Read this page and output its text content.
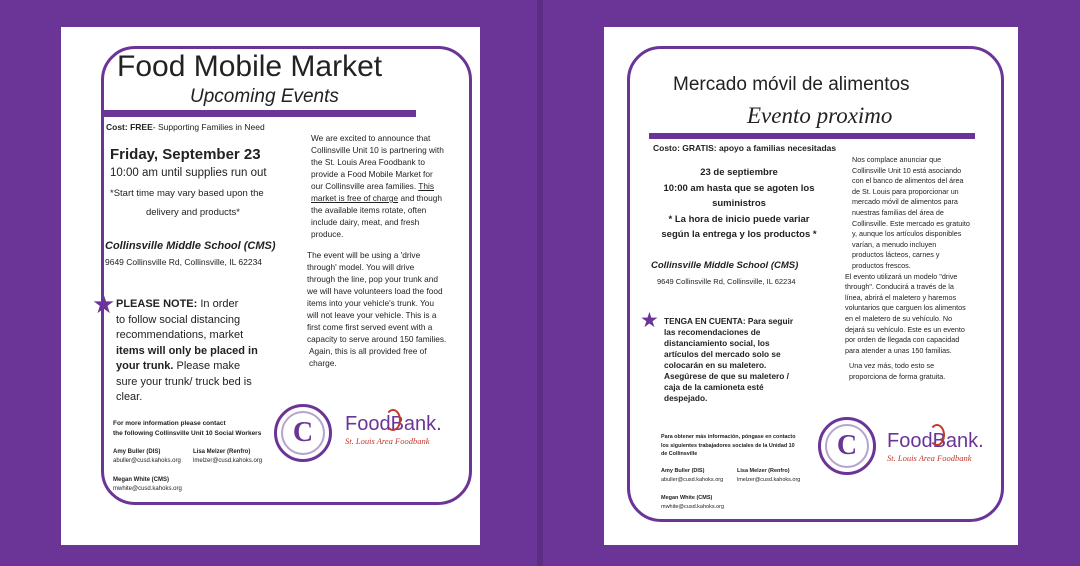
Food Mobile Market
Upcoming Events
Cost: FREE- Supporting Families in Need
Friday, September 23
10:00 am until supplies run out
*Start time may vary based upon the
delivery and products*
Collinsville Middle School (CMS)
9649 Collinsville Rd, Collinsville, IL 62234
★ PLEASE NOTE: In order
to follow social distancing
recommendations, market
items will only be placed in
your trunk. Please make
sure your trunk/ truck bed is
clear.
We are excited to announce that
Collinsville Unit 10 is partnering with
the St. Louis Area Foodbank to
provide a Food Mobile Market for
our Collinsville area families. This
market is free of charge and though
the available items rotate, often
include dairy, meat, and fresh
produce.
The event will be using a 'drive
through' model. You will drive
through the line, pop your trunk and
we will have volunteers load the food
items into your vehicle's trunk. You
will not leave your vehicle. This is a
first come first served event with a
capacity to serve around 150 families.
Again, this is all provided free of
charge.
For more information please contact
the following Collinsville Unit 10 Social Workers
Amy Buller (DIS)
abuller@cusd.kahoks.org
Lisa Melzer (Renfro)
lmelzer@cusd.kahoks.org
Megan White (CMS)
mwhite@cusd.kahoks.org
C	FoodBank.
St. Louis Area Foodbank
Mercado móvil de alimentos
Evento proximo
Costo: GRATIS: apoyo a familias necesitadas
23 de septiembre
10:00 am hasta que se agoten los
suministros
* La hora de inicio puede variar
según la entrega y los productos *
Collinsville Middle School (CMS)
9649 Collinsville Rd, Collinsville, IL 62234
★ TENGA EN CUENTA: Para seguir
las recomendaciones de
distanciamiento social, los
artículos del mercado solo se
colocarán en su maletero.
Asegúrese de que su maletero /
caja de la camioneta esté
despejado.
Nos complace anunciar que
Collinsville Unit 10 está asociando
con el banco de alimentos del área
de St. Louis para proporcionar un
mercado móvil de alimentos para
nuestras familias del área de
Collinsville. Este mercado es gratuito
y, aunque los artículos disponibles
varían, a menudo incluyen
productos lácteos, carnes y
productos frescos.
El evento utilizará un modelo "drive
through". Conducirá a través de la
línea, abrirá el maletero y haremos
voluntarios que carguen los alimentos
en el maletero de su vehículo. No
dejará su vehículo. Este es un evento
por orden de llegada con capacidad
para atender a unas 150 familias.
Una vez más, todo esto se
proporciona de forma gratuita.
Para obtener más información, póngase en contacto
los siguientes trabajadores sociales de la Unidad 10
de Collinsville
Amy Buller (DIS)
abuller@cusd.kahoks.org
Lisa Melzer (Renfro)
lmelzer@cusd.kahoks.org
Megan White (CMS)
mwhite@cusd.kahoks.org
C	FoodBank.
St. Louis Area Foodbank
